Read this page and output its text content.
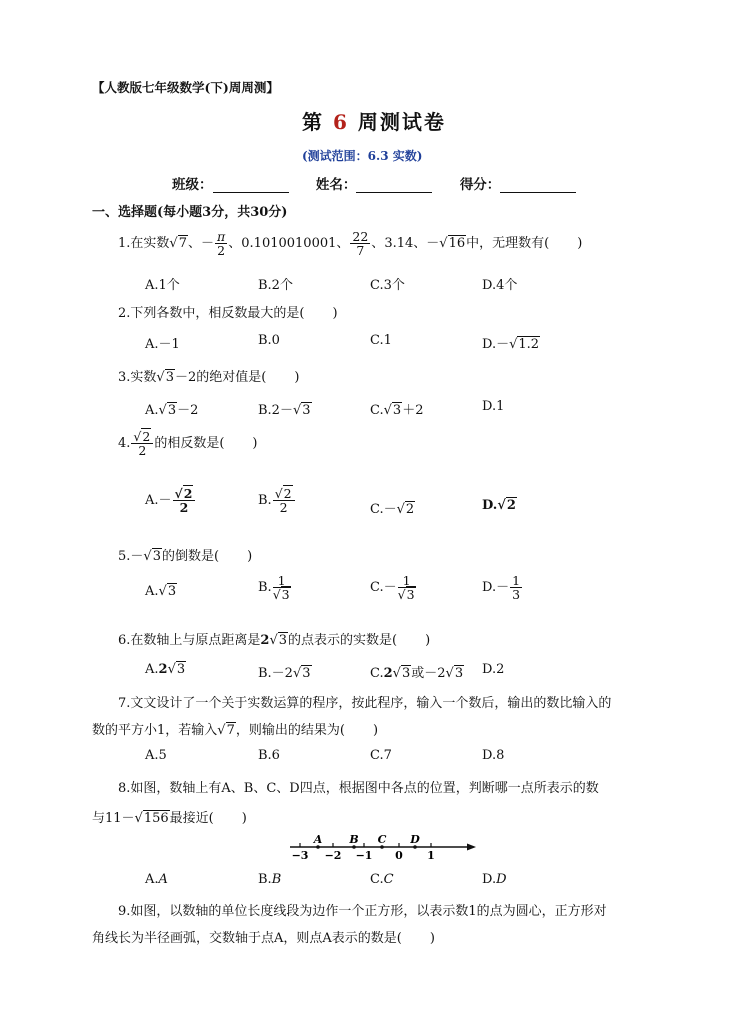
【人教版七年级数学(下)周周测】
第 6 周测试卷
(测试范围：6.3 实数)
班级：	姓名：	得分：
一、选择题(每小题3分，共30分)
1.在实数√7、－ $\frac{\pi}{2}$ 、0.1010010001、 $\frac{22}{7}$ 、3.14、－√16中，无理数有( )
A.1个	B.2个	C.3个	D.4个
2.下列各数中，相反数最大的是( )
A.－1	B.0	C.1	D.－√1.2
3.实数√3－2的绝对值是( )
A.√3－2	B.2－√3	C.√3＋2	D.1
4. $\frac{√2}{2}$ 的相反数是( )
$A.- \frac{√2}{2}$	B. $\frac{√2}{2}$	C.－√2	D.√2
5.－√3的倒数是( )
A.√3	B. $\frac{1}{√3}$	$C.- \frac{1}{√3}$	$D.- \frac{1}{3}$
6.在数轴上与原点距离是2√3的点表示的实数是( )
A.2√3	B.－2√3	C.2√3或－2√3 D.2
7.文文设计了一个关于实数运算的程序，按此程序，输入一个数后，输出的数比输入的
数的平方小1，若输入√7，则输出的结果为( )
A.5	B.6	C.7	D.8
8.如图，数轴上有A、B、C、D四点，根据图中各点的位置，判断哪一点所表示的数
与11－√156最接近( )
−3 −2 −1 0 1
A B C D
A.A	B.B	C.C	D.D
9.如图，以数轴的单位长度线段为边作一个正方形，以表示数1的点为圆心，正方形对
角线长为半径画弧，交数轴于点A，则点A表示的数是( )
